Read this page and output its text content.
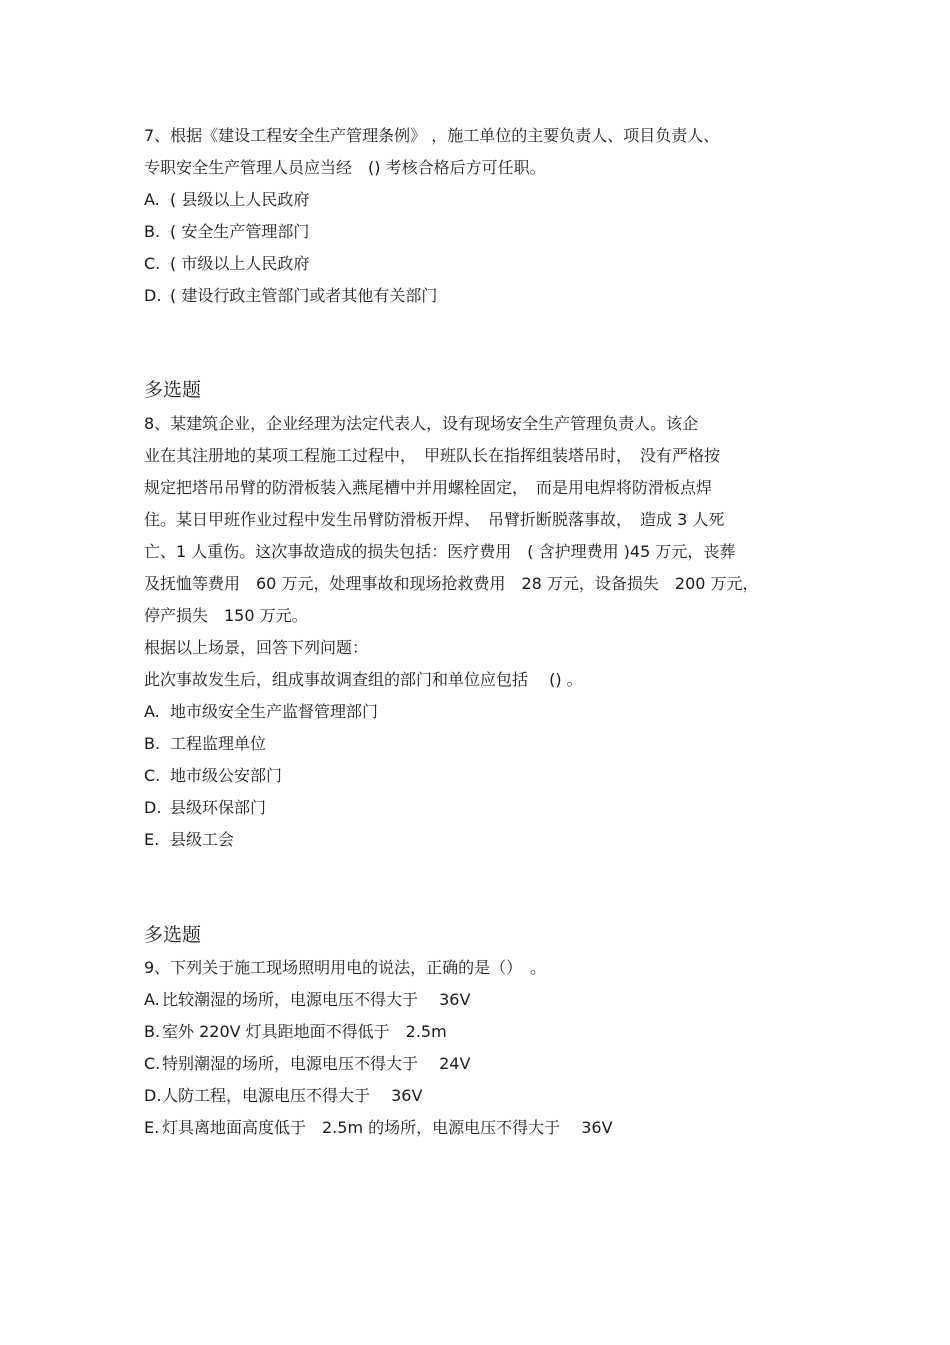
7、根据《建设工程安全生产管理条例》 ，施工单位的主要负责人、项目负责人、
专职安全生产管理人员应当经　() 考核合格后方可任职。
A. ( 县级以上人民政府
B. ( 安全生产管理部门
C. ( 市级以上人民政府
D. ( 建设行政主管部门或者其他有关部门
多选题
8、某建筑企业，企业经理为法定代表人，设有现场安全生产管理负责人。该企
业在其注册地的某项工程施工过程中，　甲班队长在指挥组装塔吊时，　没有严格按
规定把塔吊吊臂的防滑板装入燕尾槽中并用螺栓固定，　而是用电焊将防滑板点焊
住。某日甲班作业过程中发生吊臂防滑板开焊、　吊臂折断脱落事故，　造成 3 人死
亡、1 人重伤。这次事故造成的损失包括：医疗费用　( 含护理费用 )45 万元，丧葬
及抚恤等费用　60 万元，处理事故和现场抢救费用　28 万元，设备损失　200 万元，
停产损失　150 万元。
根据以上场景，回答下列问题：
此次事故发生后，组成事故调查组的部门和单位应包括　 () 。
A. 地市级安全生产监督管理部门
B. 工程监理单位
C. 地市级公安部门
D. 县级环保部门
E. 县级工会
多选题
9、下列关于施工现场照明用电的说法，正确的是（）　。
A. 比较潮湿的场所，电源电压不得大于　 36V
B. 室外 220V 灯具距地面不得低于　2.5m
C. 特别潮湿的场所，电源电压不得大于　 24V
D.人防工程，电源电压不得大于　 36V
E. 灯具离地面高度低于　2.5m 的场所，电源电压不得大于　 36V
